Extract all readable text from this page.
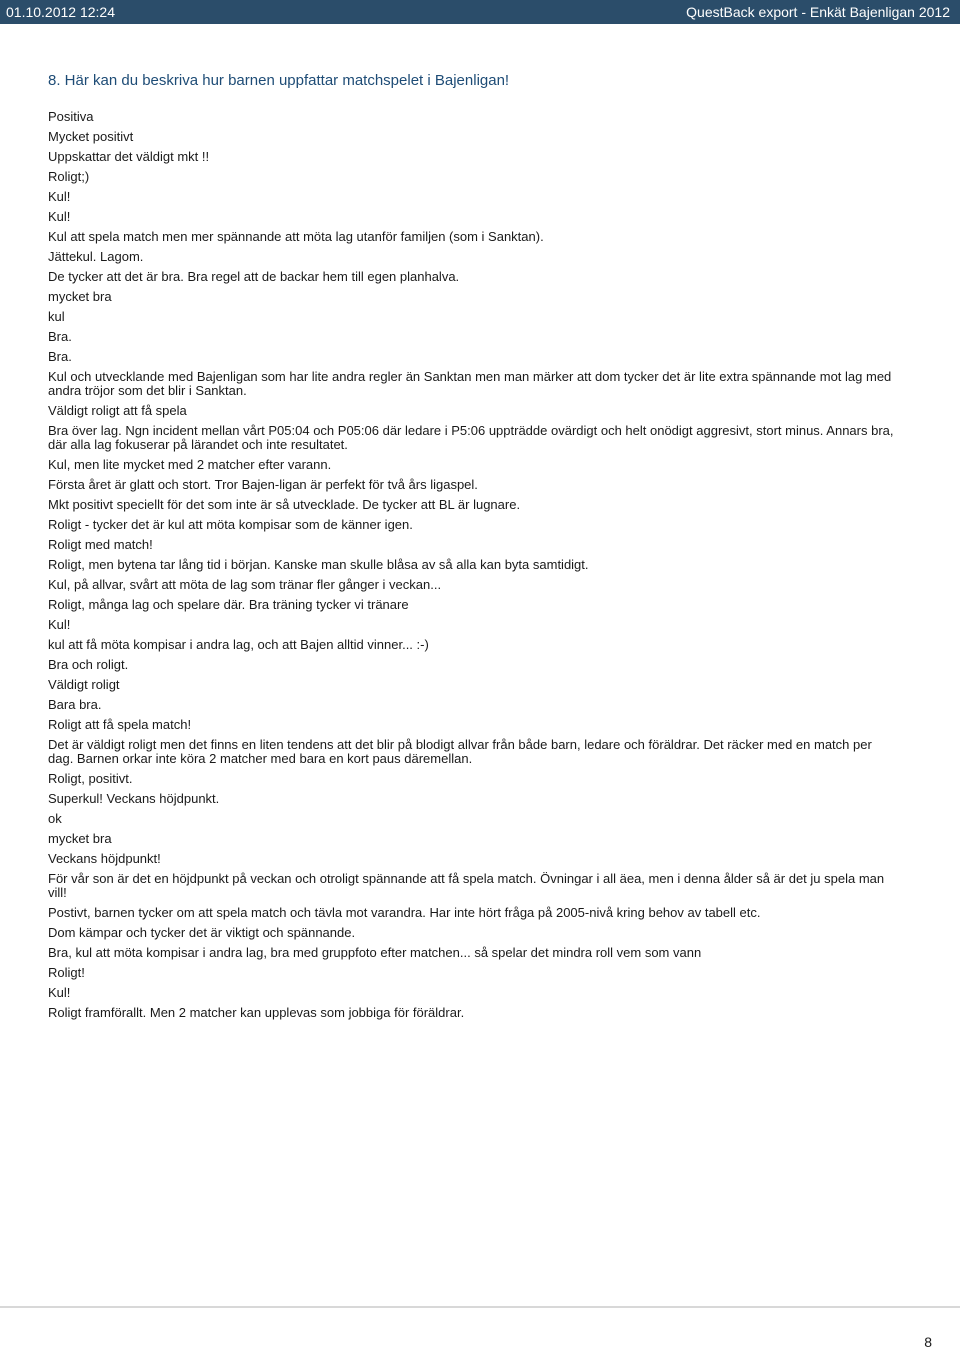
01.10.2012 12:24	QuestBack export - Enkät Bajenligan 2012
8. Här kan du beskriva hur barnen uppfattar matchspelet i Bajenligan!
Positiva
Mycket positivt
Uppskattar det väldigt mkt !!
Roligt;)
Kul!
Kul!
Kul att spela match men mer spännande att möta lag utanför familjen (som i Sanktan).
Jättekul. Lagom.
De tycker att det är bra. Bra regel att de backar hem till egen planhalva.
mycket bra
kul
Bra.
Bra.
Kul och utvecklande med Bajenligan som har lite andra regler än Sanktan men man märker att dom tycker det är lite extra spännande mot lag med andra tröjor som det blir i Sanktan.
Väldigt roligt att få spela
Bra över lag. Ngn incident mellan vårt P05:04 och P05:06 där ledare i P5:06 uppträdde ovärdigt och helt onödigt aggresivt, stort minus. Annars bra, där alla lag fokuserar på lärandet och inte resultatet.
Kul, men lite mycket med 2 matcher efter varann.
Första året är glatt och stort. Tror Bajen-ligan är perfekt för två års ligaspel.
Mkt positivt speciellt för det som inte är så utvecklade. De tycker att BL är lugnare.
Roligt - tycker det är kul att möta kompisar som de känner igen.
Roligt med match!
Roligt, men bytena tar lång tid i början. Kanske man skulle blåsa av så alla kan byta samtidigt.
Kul, på allvar, svårt att möta de lag som tränar fler gånger i veckan...
Roligt, många lag och spelare där. Bra träning tycker vi tränare
Kul!
kul att få möta kompisar i andra lag, och att Bajen alltid vinner... :-)
Bra och roligt.
Väldigt roligt
Bara bra.
Roligt att få spela match!
Det är väldigt roligt men det finns en liten tendens att det blir på blodigt allvar från både barn, ledare och föräldrar. Det räcker med en match per dag. Barnen orkar inte köra 2 matcher med bara en kort paus däremellan.
Roligt, positivt.
Superkul! Veckans höjdpunkt.
ok
mycket bra
Veckans höjdpunkt!
För vår son är det en höjdpunkt på veckan och otroligt spännande att få spela match. Övningar i all äea, men i denna ålder så är det ju spela man vill!
Postivt, barnen tycker om att spela match och tävla mot varandra. Har inte hört fråga på 2005-nivå kring behov av tabell etc.
Dom kämpar och tycker det är viktigt och spännande.
Bra, kul att möta kompisar i andra lag, bra med gruppfoto efter matchen... så spelar det mindra roll vem som vann
Roligt!
Kul!
Roligt framförallt. Men 2 matcher kan upplevas som jobbiga för föräldrar.
8
